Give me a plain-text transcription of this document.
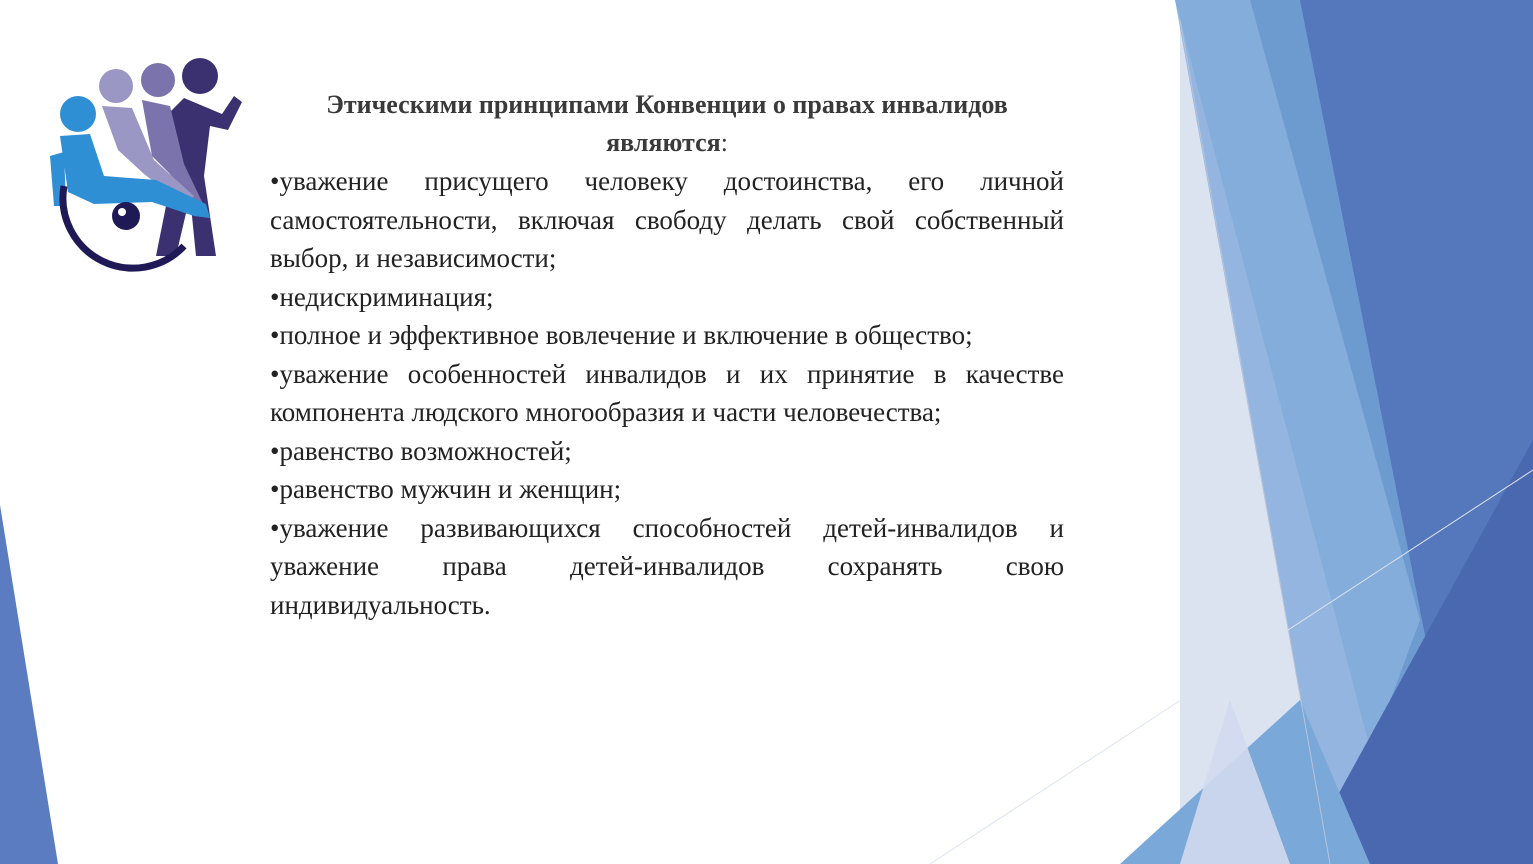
Этическими принципами Конвенции о правах инвалидов являются:

•уважение присущего человеку достоинства, его личной самостоятельности, включая свободу делать свой собственный выбор, и независимости;
•недискриминация;
•полное и эффективное вовлечение и включение в общество;
•уважение особенностей инвалидов и их принятие в качестве компонента людского многообразия и части человечества;
•равенство возможностей;
•равенство мужчин и женщин;
•уважение развивающихся способностей детей-инвалидов и уважение права детей-инвалидов сохранять свою индивидуальность.
